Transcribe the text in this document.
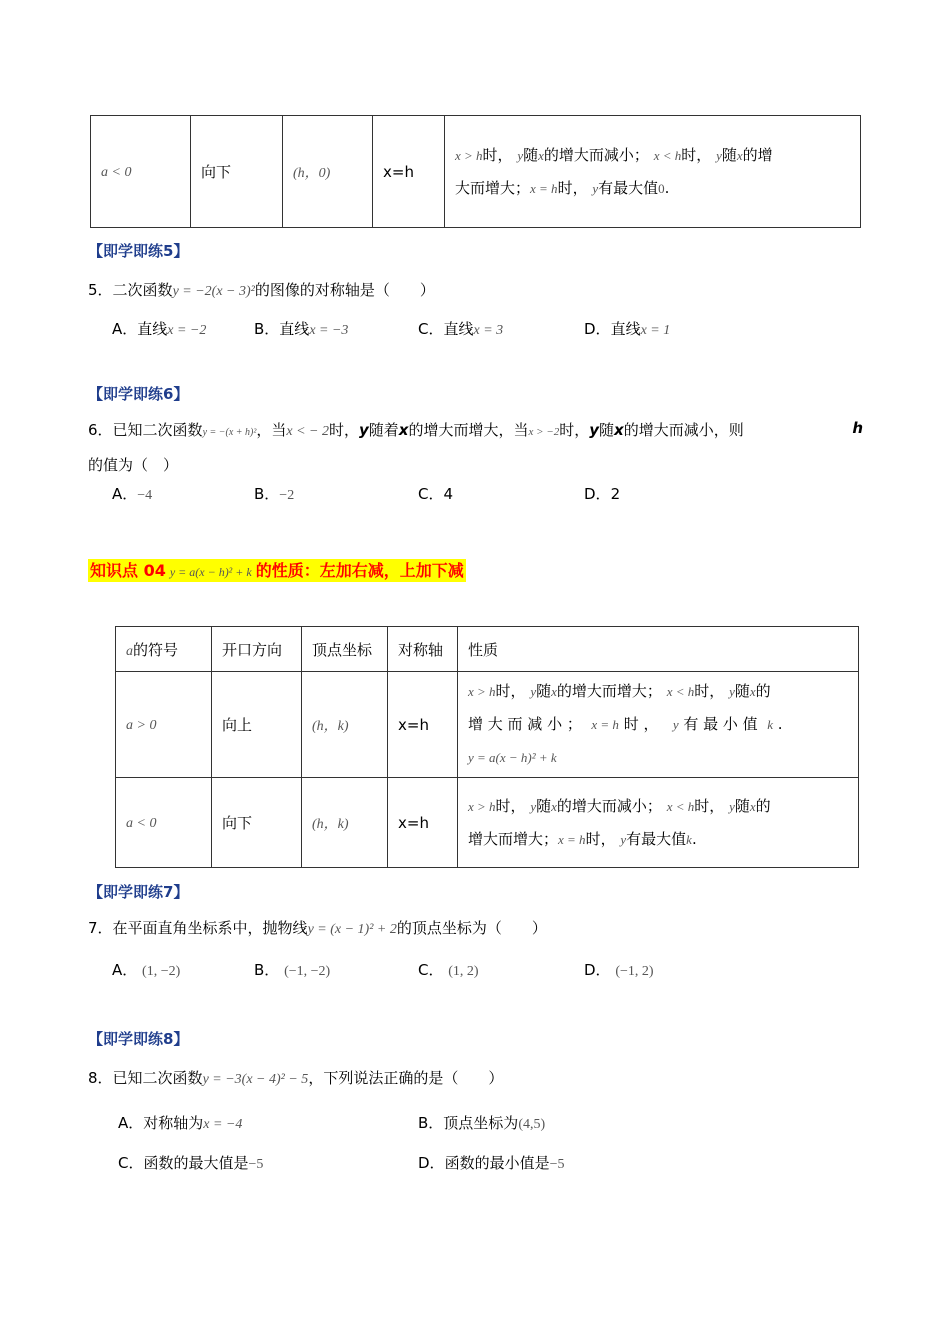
a < 0	向下	(h，0)	x=h	
x > h时， y随x的增大而减小； x < h时， y随x的增
大而增大；x = h时， y有最大值0.
【即学即练5】
5．二次函数y = −2(x − 3)²的图像的对称轴是（　　）
A．直线x = −2	B．直线x = −3	C．直线x = 3	D．直线x = 1
【即学即练6】
6．已知二次函数y = −(x + h)²，当x < − 2时，y随着x的增大而增大，当x > −2时，y随x的增大而减小，则	h
的值为（　）
A．−4	B．−2	C．4	D．2
知识点 04 y = a(x − h)² + k 的性质：左加右减，上加下减
a的符号	开口方向	顶点坐标	对称轴	性质
a > 0	向上	(h，k)	x=h	x > h时， y随x的增大而增大； x < h时， y随x的
增 大 而 减 小 ； x = h 时 ， y 有 最 小 值 k .
y = a(x − h)² + k

a < 0	向下	(h，k)	x=h	x > h时， y随x的增大而减小； x < h时， y随x的
增大而增大；x = h时， y有最大值k.
【即学即练7】
7．在平面直角坐标系中，抛物线y = (x − 1)² + 2的顶点坐标为（　　）
A． (1, −2)	B． (−1, −2)	C． (1, 2)	D． (−1, 2)
【即学即练8】
8．已知二次函数y = −3(x − 4)² − 5，下列说法正确的是（　　）
A．对称轴为x = −4	B．顶点坐标为(4,5)
C．函数的最大值是−5	D．函数的最小值是−5
